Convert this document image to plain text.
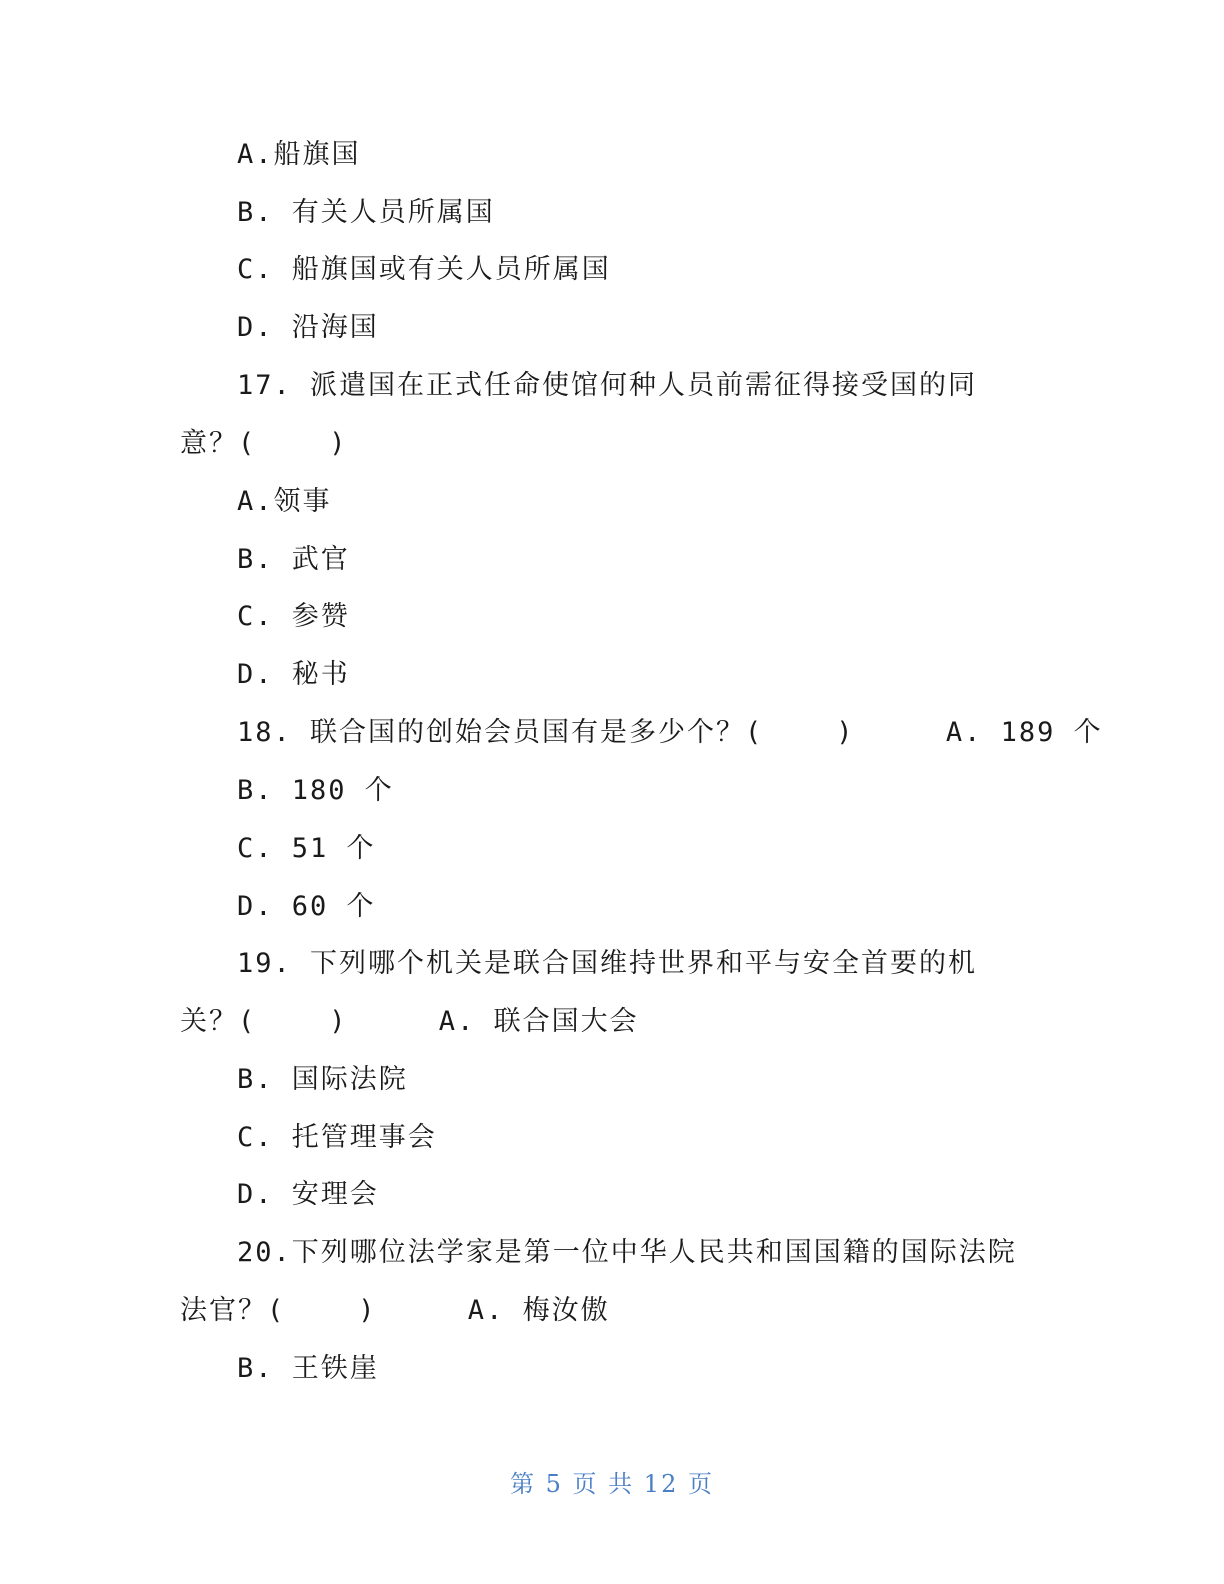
A.船旗国
B. 有关人员所属国
C. 船旗国或有关人员所属国
D. 沿海国
17. 派遣国在正式任命使馆何种人员前需征得接受国的同
意？(    )
A.领事
B. 武官
C. 参赞
D. 秘书
18. 联合国的创始会员国有是多少个？(    )     A. 189 个
B. 180 个
C. 51 个
D. 60 个
19. 下列哪个机关是联合国维持世界和平与安全首要的机
关？(    )     A. 联合国大会
B. 国际法院
C. 托管理事会
D. 安理会
20.下列哪位法学家是第一位中华人民共和国国籍的国际法院
法官？(    )     A. 梅汝傲
B. 王铁崖
第 5 页 共 12 页
